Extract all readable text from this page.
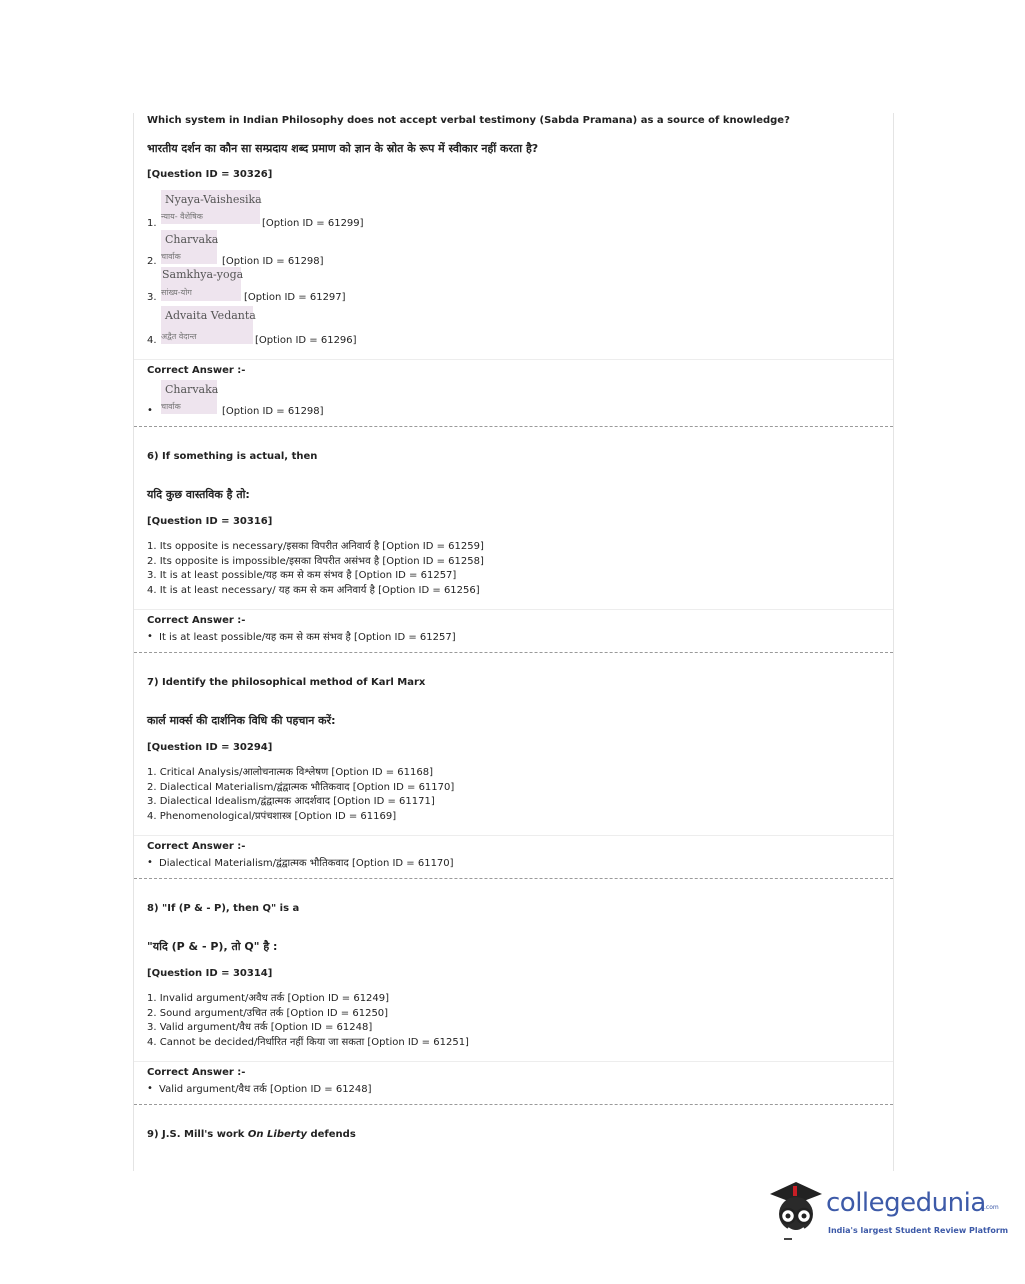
Which system in Indian Philosophy does not accept verbal testimony (Sabda Pramana) as a source of knowledge?
भारतीय दर्शन का कौन सा सम्प्रदाय शब्द प्रमाण को ज्ञान के स्रोत के रूप में स्वीकार नहीं करता है?
[Question ID = 30326]
Nyaya-Vaishesika
न्याय- वैशेषिक
1.	[Option ID = 61299]
Charvaka
चार्वाक
2.	[Option ID = 61298]
Samkhya-yoga
सांख्य-योग
3.	[Option ID = 61297]
Advaita Vedanta
अद्वैत वेदान्त
4.	[Option ID = 61296]
Correct Answer :-
Charvaka
चार्वाक
•	[Option ID = 61298]
6) If something is actual, then
यदि कुछ वास्तविक है तो:
[Question ID = 30316]
1. Its opposite is necessary/इसका विपरीत अनिवार्य है [Option ID = 61259]
2. Its opposite is impossible/इसका विपरीत असंभव है [Option ID = 61258]
3. It is at least possible/यह कम से कम संभव है [Option ID = 61257]
4. It is at least necessary/ यह कम से कम अनिवार्य है [Option ID = 61256]
Correct Answer :-
• It is at least possible/यह कम से कम संभव है [Option ID = 61257]
7) Identify the philosophical method of Karl Marx
कार्ल मार्क्स की दार्शनिक विधि की पहचान करें:
[Question ID = 30294]
1. Critical Analysis/आलोचनात्मक विश्लेषण [Option ID = 61168]
2. Dialectical Materialism/द्वंद्वात्मक भौतिकवाद [Option ID = 61170]
3. Dialectical Idealism/द्वंद्वात्मक आदर्शवाद [Option ID = 61171]
4. Phenomenological/प्रपंचशास्त्र [Option ID = 61169]
Correct Answer :-
• Dialectical Materialism/द्वंद्वात्मक भौतिकवाद [Option ID = 61170]
8) "If (P & - P), then Q" is a
"यदि (P & - P), तो Q" है :
[Question ID = 30314]
1. Invalid argument/अवैध तर्क [Option ID = 61249]
2. Sound argument/उचित तर्क [Option ID = 61250]
3. Valid argument/वैध तर्क [Option ID = 61248]
4. Cannot be decided/निर्धारित नहीं किया जा सकता [Option ID = 61251]
Correct Answer :-
• Valid argument/वैध तर्क [Option ID = 61248]
9) J.S. Mill's work On Liberty defends
collegedunia
.com
India's largest Student Review Platform
